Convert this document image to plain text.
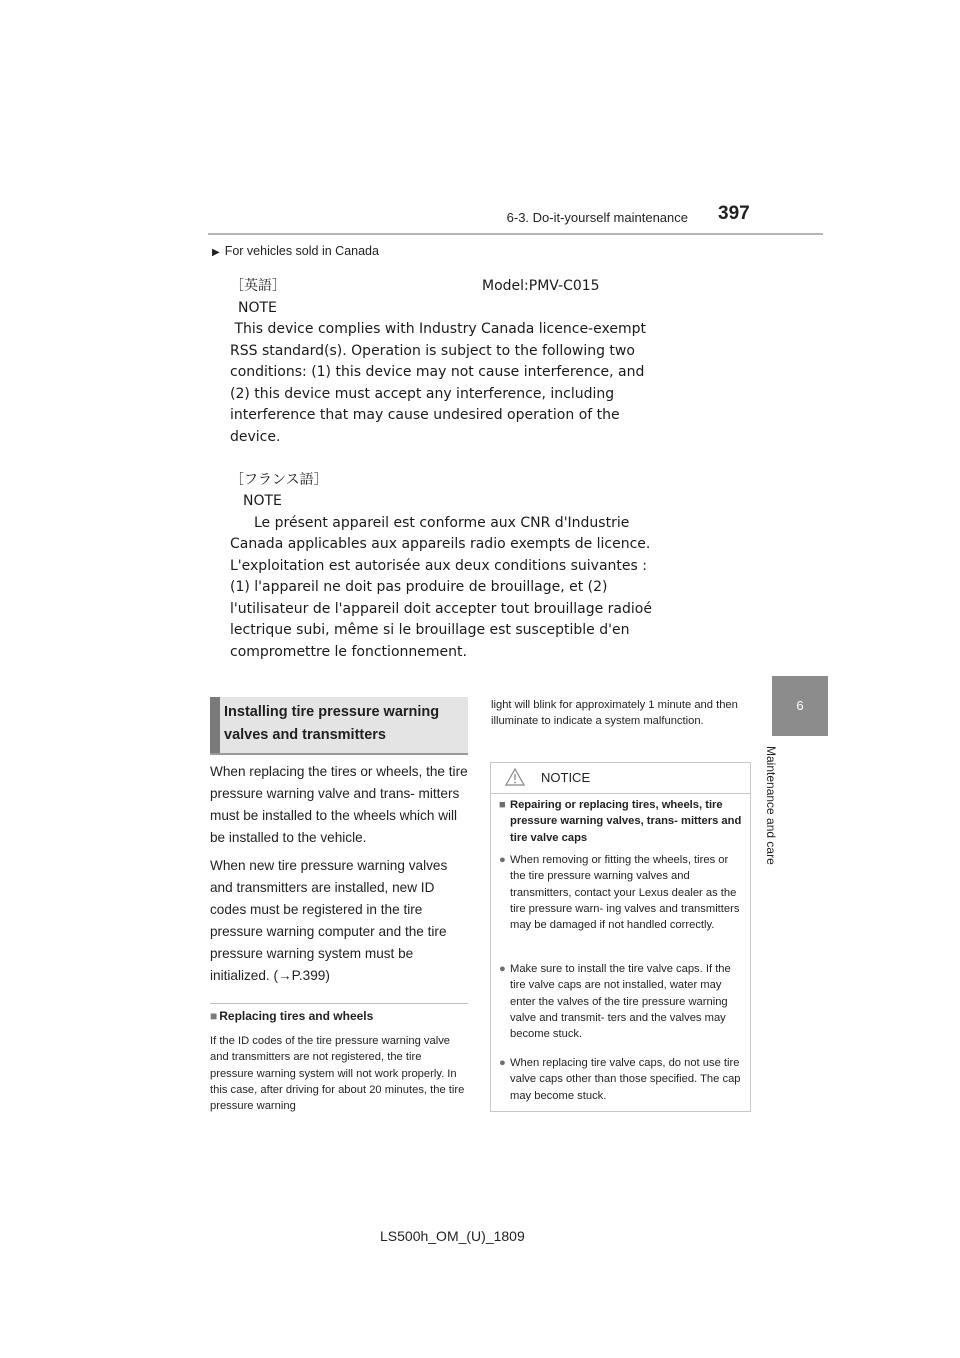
6-3. Do-it-yourself maintenance 397
6
Maintenance and care
▶ For vehicles sold in Canada
［英語］	Model:PMV-C015
NOTE
This device complies with Industry Canada licence-exempt
RSS standard(s). Operation is subject to the following two
conditions: (1) this device may not cause interference, and
(2) this device must accept any interference, including
interference that may cause undesired operation of the
device.
［フランス語］
NOTE
Le présent appareil est conforme aux CNR d'Industrie
Canada applicables aux appareils radio exempts de licence.
L'exploitation est autorisée aux deux conditions suivantes :
(1) l'appareil ne doit pas produire de brouillage, et (2)
l'utilisateur de l'appareil doit accepter tout brouillage radioé
lectrique subi, même si le brouillage est susceptible d'en
compromettre le fonctionnement.
Installing tire pressure warning
valves and transmitters
When replacing the tires or wheels, the tire pressure warning valve and trans- mitters must be installed to the wheels which will be installed to the vehicle.
When new tire pressure warning valves and transmitters are installed, new ID codes must be registered in the tire pressure warning computer and the tire pressure warning system must be initialized. (→P.399)
■ Replacing tires and wheels
If the ID codes of the tire pressure warning valve and transmitters are not registered, the tire pressure warning system will not work properly. In this case, after driving for about 20 minutes, the tire pressure warning
light will blink for approximately 1 minute and then illuminate to indicate a system malfunction.
NOTICE
■ Repairing or replacing tires, wheels, tire pressure warning valves, trans- mitters and tire valve caps
● When removing or fitting the wheels, tires or the tire pressure warning valves and transmitters, contact your Lexus dealer as the tire pressure warn- ing valves and transmitters may be damaged if not handled correctly.
● Make sure to install the tire valve caps. If the tire valve caps are not installed, water may enter the valves of the tire pressure warning valve and transmit- ters and the valves may become stuck.
● When replacing tire valve caps, do not use tire valve caps other than those specified. The cap may become stuck.
LS500h_OM_(U)_1809
